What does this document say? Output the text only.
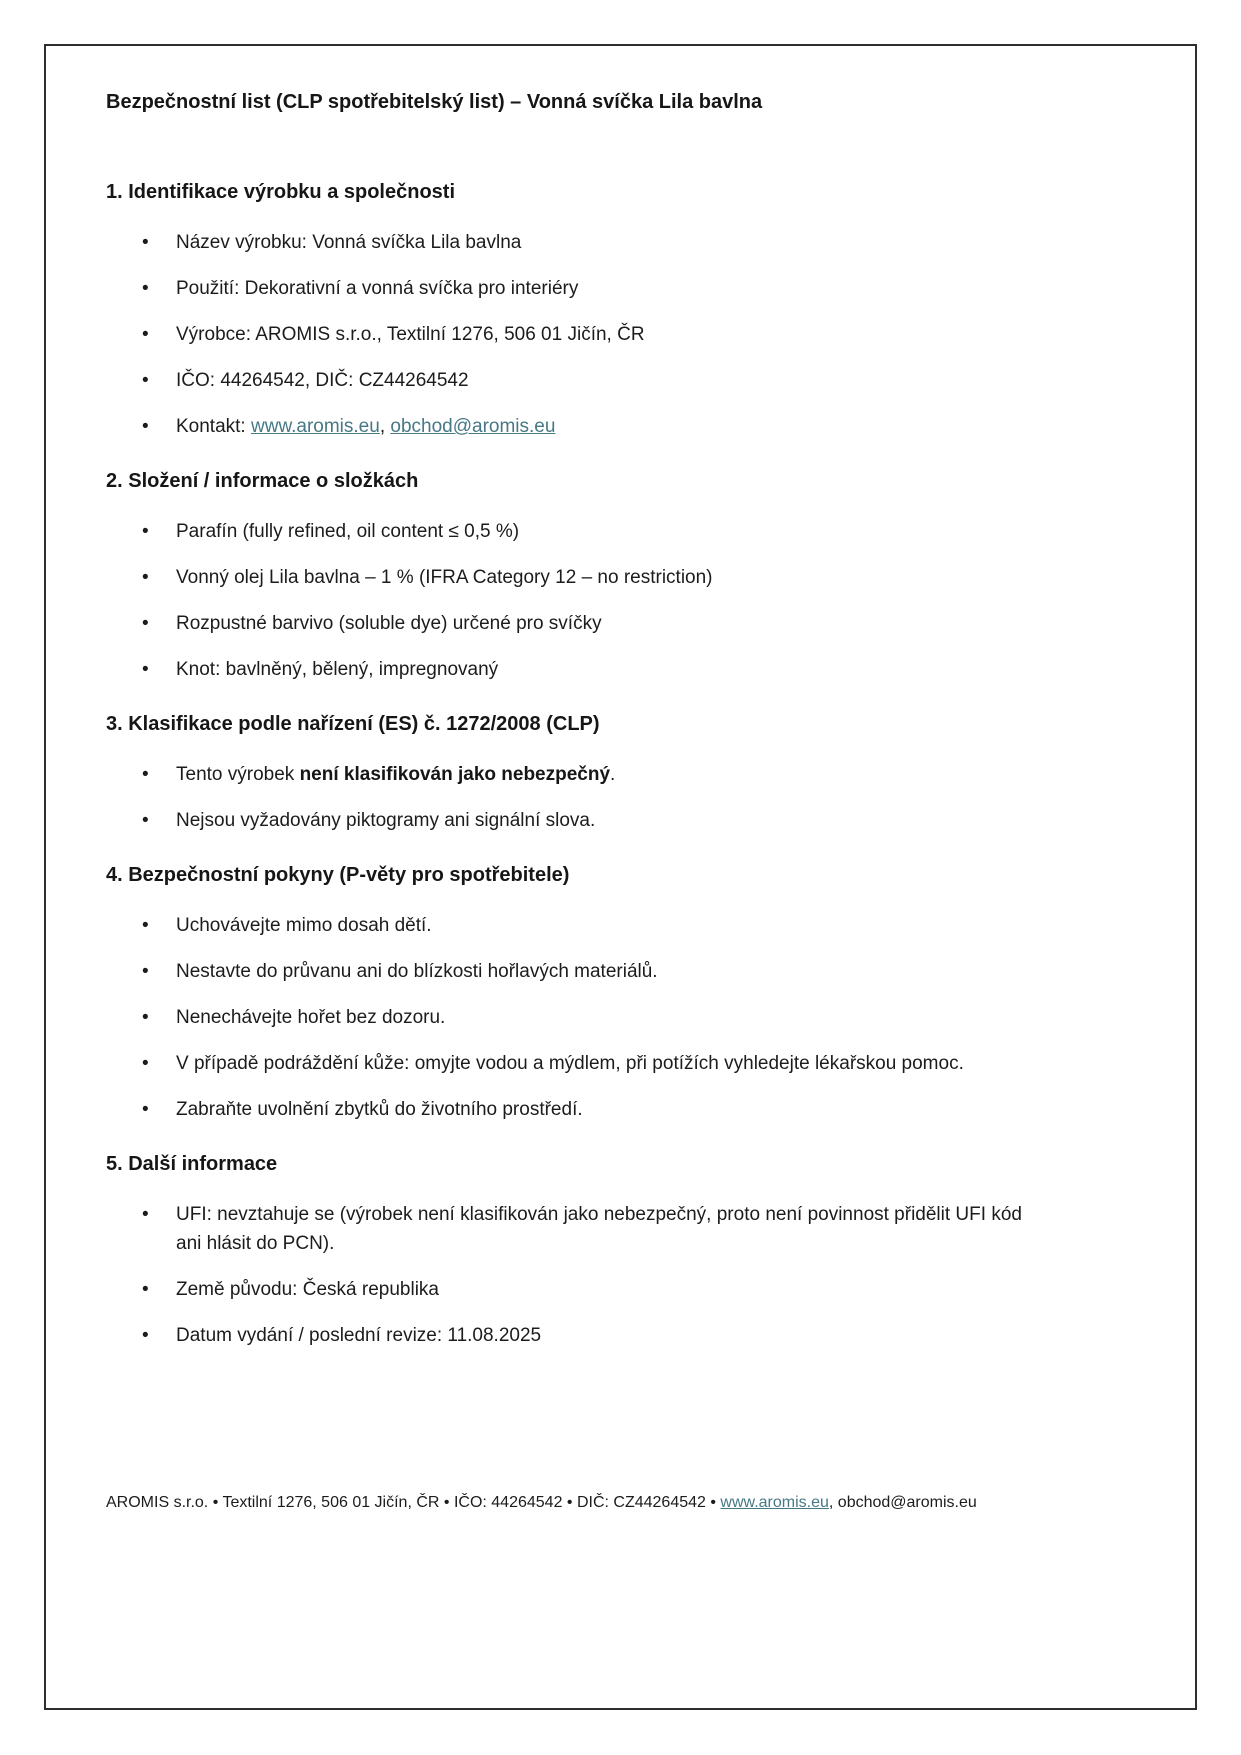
Bezpečnostní list (CLP spotřebitelský list) – Vonná svíčka Lila bavlna
1. Identifikace výrobku a společnosti
• Název výrobku: Vonná svíčka Lila bavlna
• Použití: Dekorativní a vonná svíčka pro interiéry
• Výrobce: AROMIS s.r.o., Textilní 1276, 506 01 Jičín, ČR
• IČO: 44264542, DIČ: CZ44264542
• Kontakt: www.aromis.eu, obchod@aromis.eu
2. Složení / informace o složkách
• Parafín (fully refined, oil content ≤ 0,5 %)
• Vonný olej Lila bavlna – 1 % (IFRA Category 12 – no restriction)
• Rozpustné barvivo (soluble dye) určené pro svíčky
• Knot: bavlněný, bělený, impregnovaný
3. Klasifikace podle nařízení (ES) č. 1272/2008 (CLP)
• Tento výrobek není klasifikován jako nebezpečný.
• Nejsou vyžadovány piktogramy ani signální slova.
4. Bezpečnostní pokyny (P-věty pro spotřebitele)
• Uchovávejte mimo dosah dětí.
• Nestavte do průvanu ani do blízkosti hořlavých materiálů.
• Nenechávejte hořet bez dozoru.
• V případě podráždění kůže: omyjte vodou a mýdlem, při potížích vyhledejte lékařskou pomoc.
• Zabraňte uvolnění zbytků do životního prostředí.
5. Další informace
• UFI: nevztahuje se (výrobek není klasifikován jako nebezpečný, proto není povinnost přidělit UFI kód ani hlásit do PCN).
• Země původu: Česká republika
• Datum vydání / poslední revize: 11.08.2025
AROMIS s.r.o. • Textilní 1276, 506 01 Jičín, ČR • IČO: 44264542 • DIČ: CZ44264542 • www.aromis.eu, obchod@aromis.eu
